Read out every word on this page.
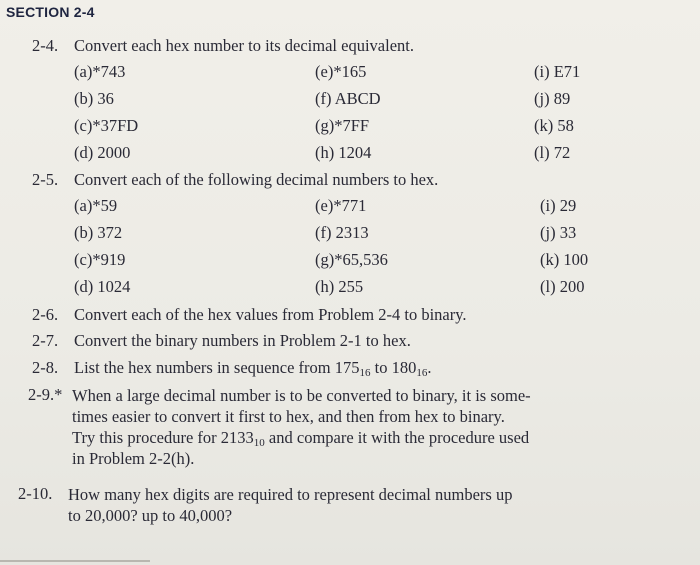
SECTION 2-4
2-4. Convert each hex number to its decimal equivalent.
(a)*743	(e)*165	(i) E71
(b) 36	(f) ABCD	(j) 89
(c)*37FD	(g)*7FF	(k) 58
(d) 2000	(h) 1204	(l) 72
2-5. Convert each of the following decimal numbers to hex.
(a)*59	(e)*771	(i) 29
(b) 372	(f) 2313	(j) 33
(c)*919	(g)*65,536	(k) 100
(d) 1024	(h) 255	(l) 200
2-6. Convert each of the hex values from Problem 2-4 to binary.
2-7. Convert the binary numbers in Problem 2-1 to hex.
2-8. List the hex numbers in sequence from $175_{16}$ to $180_{16}$.
2-9.* When a large decimal number is to be converted to binary, it is some-
times easier to convert it first to hex, and then from hex to binary.
Try this procedure for $2133_{10}$ and compare it with the procedure used
in Problem 2-2(h).
2-10. How many hex digits are required to represent decimal numbers up
to 20,000? up to 40,000?
